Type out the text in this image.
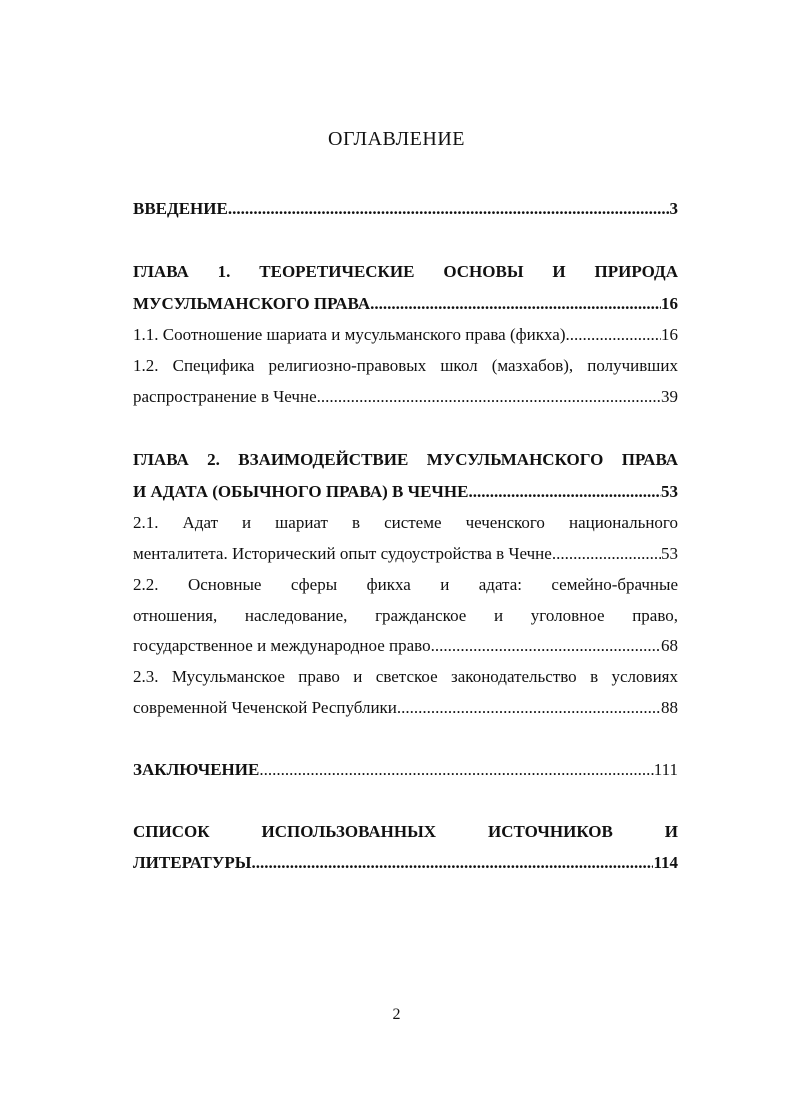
ОГЛАВЛЕНИЕ
ВВЕДЕНИЕ .....	3
ГЛАВА 1. ТЕОРЕТИЧЕСКИЕ ОСНОВЫ И ПРИРОДА
МУСУЛЬМАНСКОГО ПРАВА .....	16
1.1. Соотношение шариата и мусульманского права (фикха) .....	16
1.2. Специфика религиозно-правовых школ (мазхабов), получивших
распространение в Чечне .....	39
ГЛАВА 2. ВЗАИМОДЕЙСТВИЕ МУСУЛЬМАНСКОГО ПРАВА
И АДАТА (ОБЫЧНОГО ПРАВА) В ЧЕЧНЕ .....	53
2.1. Адат и шариат в системе чеченского национального
менталитета. Исторический опыт судоустройства в Чечне .....	53
2.2. Основные сферы фикха и адата: семейно-брачные
отношения, наследование, гражданское и уголовное право,
государственное и международное право .....	68
2.3. Мусульманское право и светское законодательство в условиях
современной Чеченской Республики .....	88
ЗАКЛЮЧЕНИЕ .....	111
СПИСОК ИСПОЛЬЗОВАННЫХ ИСТОЧНИКОВ И
ЛИТЕРАТУРЫ .....	114
2
